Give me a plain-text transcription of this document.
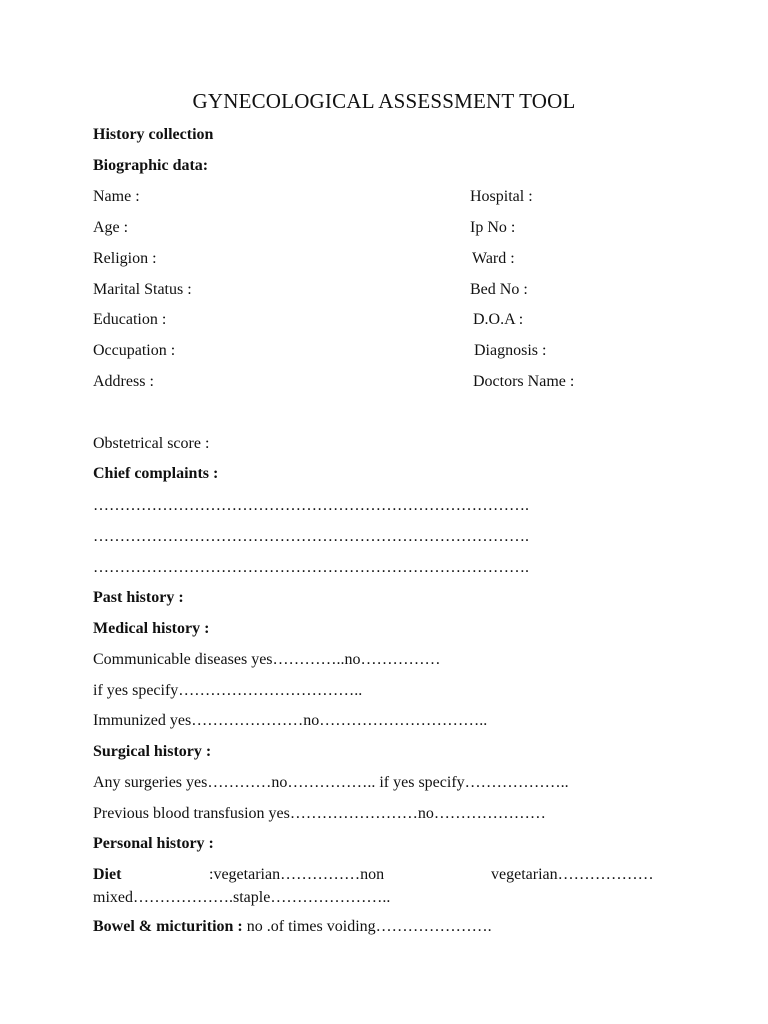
GYNECOLOGICAL ASSESSMENT TOOL
History collection
Biographic data:
Name :
Age :
Religion :
Marital Status :
Education :
Occupation :
Address :
Hospital :
Ip No :
Ward :
Bed No :
D.O.A :
Diagnosis :
Doctors Name :
Obstetrical score :
Chief complaints :
……………………………………………………………………….
……………………………………………………………………….
……………………………………………………………………….
Past history :
Medical history :
Communicable diseases yes…………..no……………
if yes specify……………………………..
Immunized yes…………………no…………………………..
Surgical history :
Any surgeries yes…………no…………….. if yes specify………………..
Previous blood transfusion yes……………………no…………………
Personal history :
Diet	:vegetarian……………non	vegetarian………………
mixed……………….staple…………………..
Bowel & micturition : no .of times voiding………………….
